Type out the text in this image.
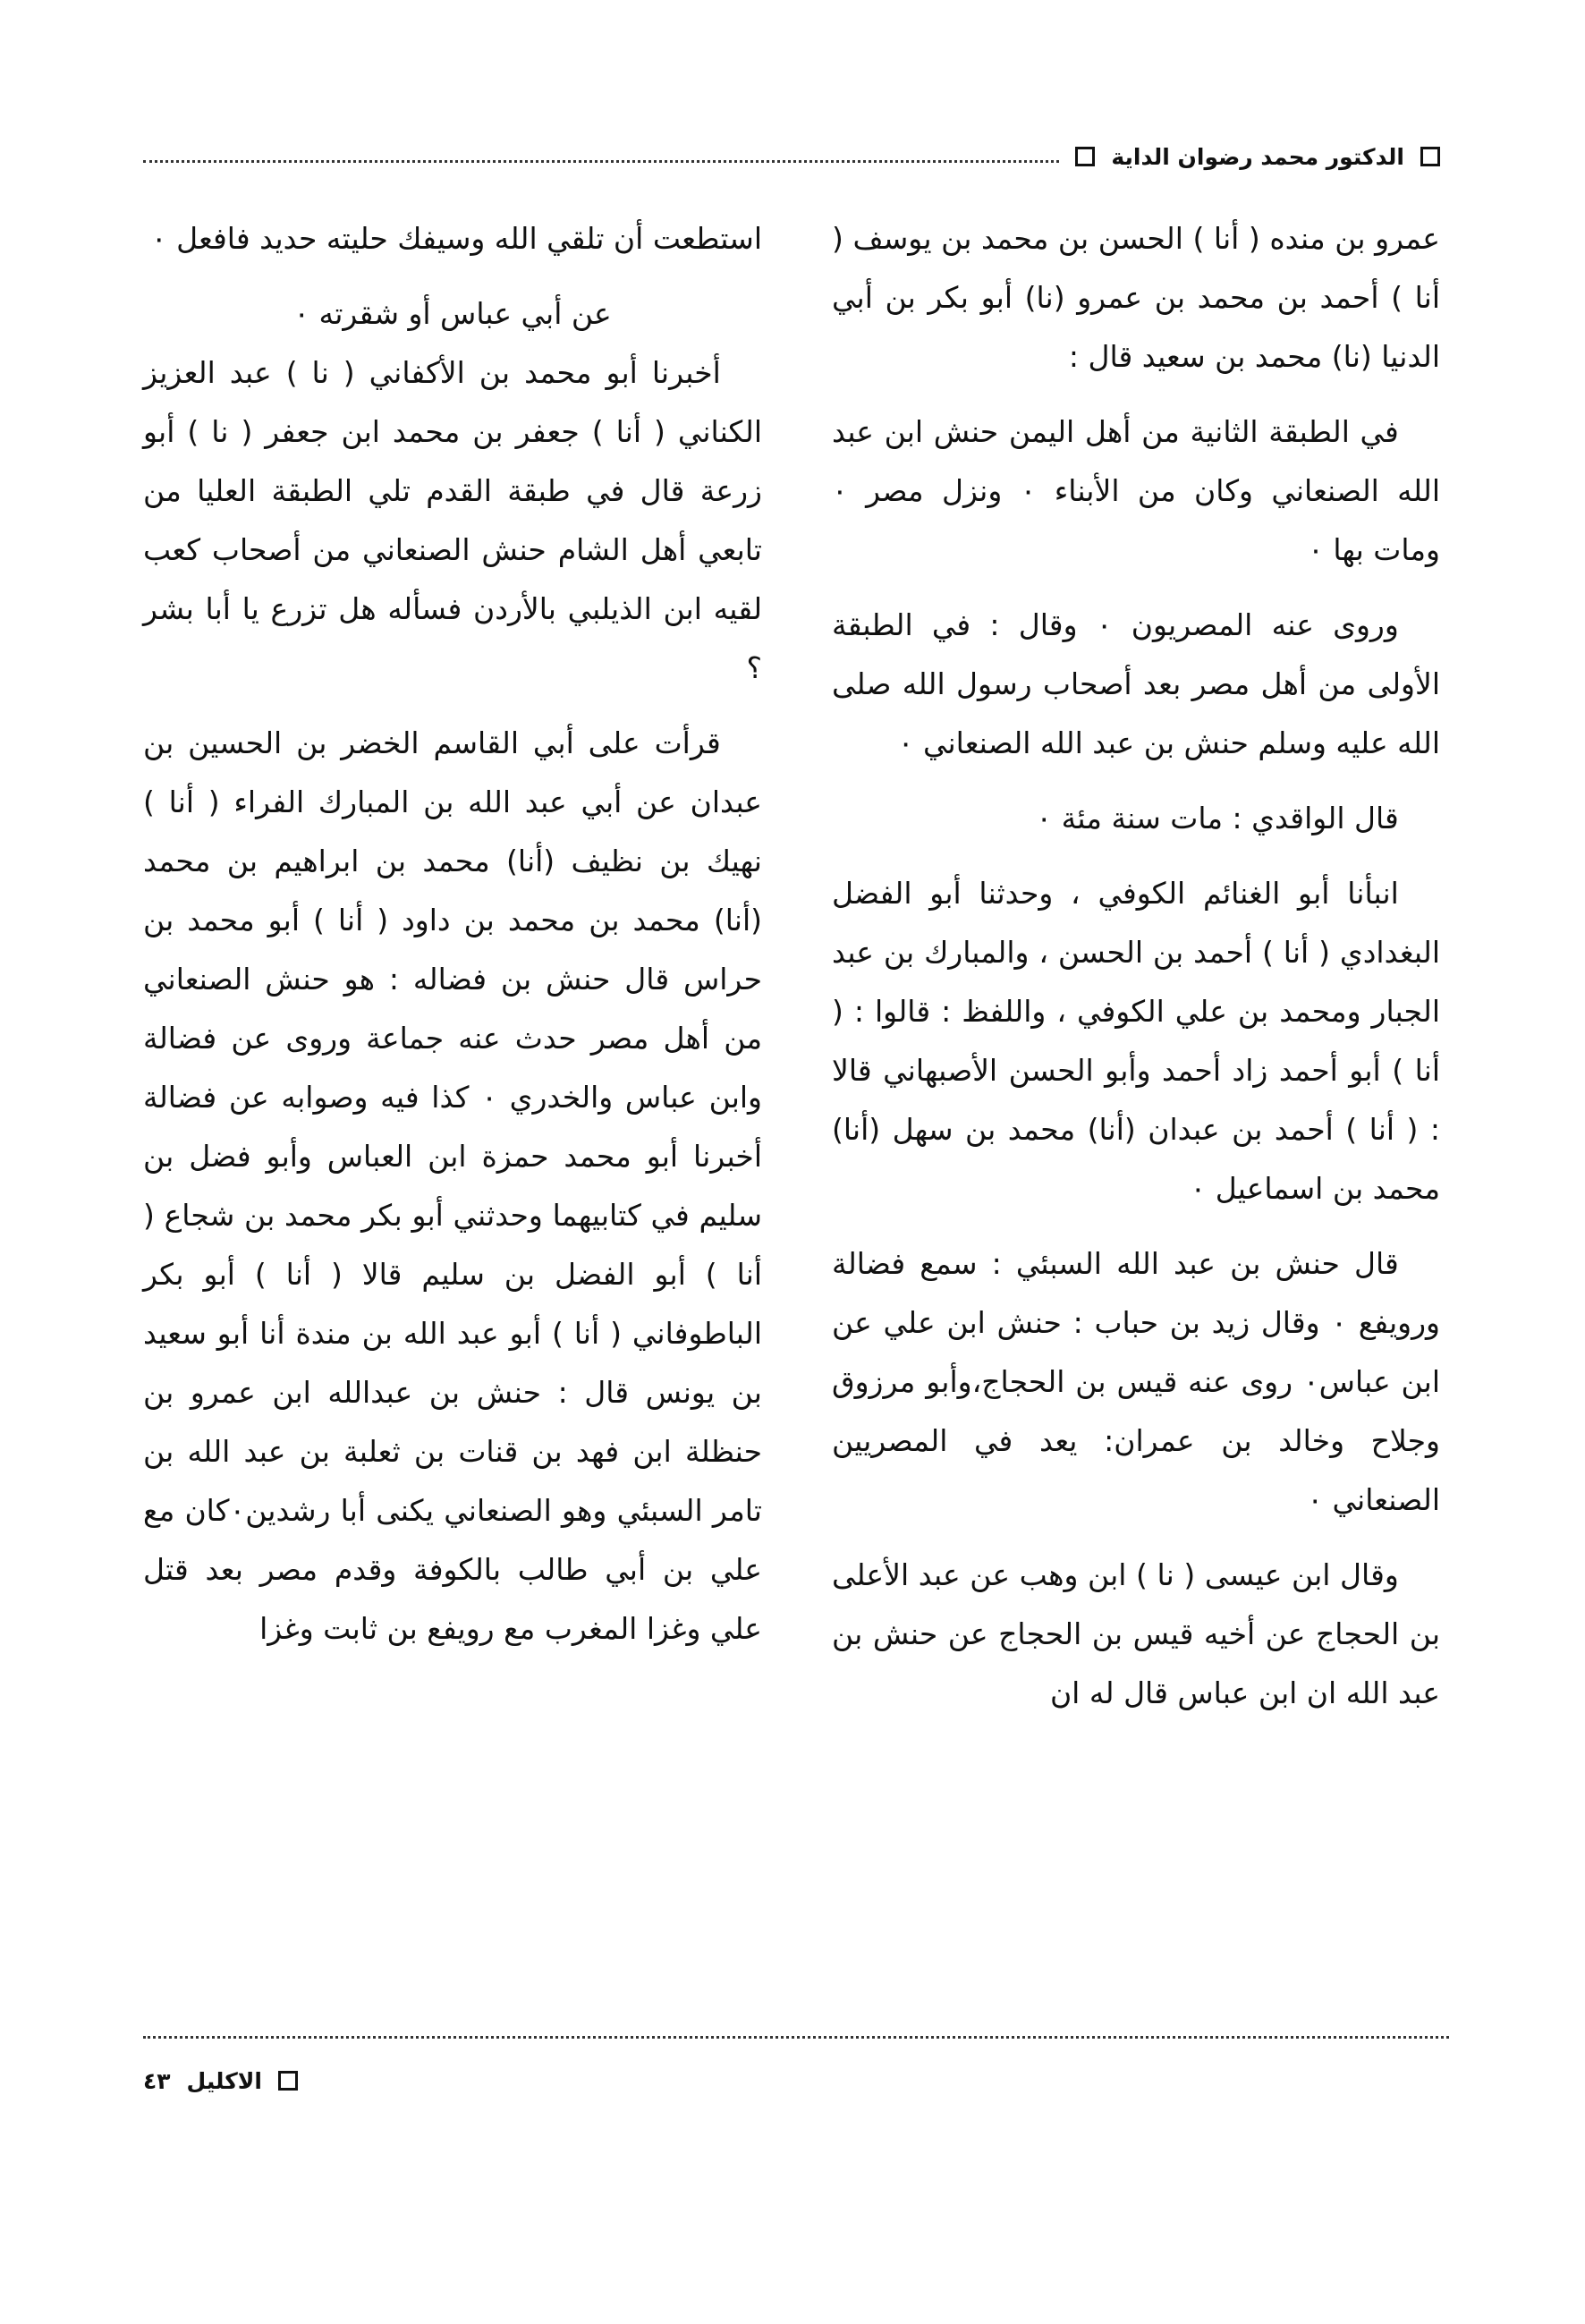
الدكتور محمد رضوان الداية

عمرو بن منده ( أنا ) الحسن بن محمد بن يوسف ( أنا ) أحمد بن محمد بن عمرو (نا) أبو بكر بن أبي الدنيا (نا) محمد بن سعيد قال :

في الطبقة الثانية من أهل اليمن حنش ابن عبد الله الصنعاني وكان من الأبناء ٠ ونزل مصر ٠ ومات بها ٠

وروى عنه المصريون ٠ وقال : في الطبقة الأولى من أهل مصر بعد أصحاب رسول الله صلى الله عليه وسلم حنش بن عبد الله الصنعاني ٠

قال الواقدي : مات سنة مئة ٠

انبأنا أبو الغنائم الكوفي ، وحدثنا أبو الفضل البغدادي ( أنا ) أحمد بن الحسن ، والمبارك بن عبد الجبار ومحمد بن علي الكوفي ، واللفظ : قالوا : ( أنا ) أبو أحمد زاد أحمد وأبو الحسن الأصبهاني قالا : ( أنا ) أحمد بن عبدان (أنا) محمد بن سهل (أنا) محمد بن اسماعيل ٠

قال حنش بن عبد الله السبئي : سمع فضالة ورويفع ٠ وقال زيد بن حباب : حنش ابن علي عن ابن عباس٠ روى عنه قيس بن الحجاج،وأبو مرزوق وجلاح وخالد بن عمران: يعد في المصريين الصنعاني ٠

وقال ابن عيسى ( نا ) ابن وهب عن عبد الأعلى بن الحجاج عن أخيه قيس بن الحجاج عن حنش بن عبد الله ان ابن عباس قال له ان

استطعت أن تلقي الله وسيفك حليته حديد فافعل ٠

عن أبي عباس أو شقرته ٠

أخبرنا أبو محمد بن الأكفاني ( نا ) عبد العزيز الكناني ( أنا ) جعفر بن محمد ابن جعفر ( نا ) أبو زرعة قال في طبقة القدم تلي الطبقة العليا من تابعي أهل الشام حنش الصنعاني من أصحاب كعب لقيه ابن الذيلبي بالأردن فسأله هل تزرع يا أبا بشر ؟

قرأت على أبي القاسم الخضر بن الحسين بن عبدان عن أبي عبد الله بن المبارك الفراء ( أنا ) نهيك بن نظيف (أنا) محمد بن ابراهيم بن محمد (أنا) محمد بن محمد بن داود ( أنا ) أبو محمد بن حراس قال حنش بن فضاله : هو حنش الصنعاني من أهل مصر حدث عنه جماعة وروى عن فضالة وابن عباس والخدري ٠ كذا فيه وصوابه عن فضالة أخبرنا أبو محمد حمزة ابن العباس وأبو فضل بن سليم في كتابيهما وحدثني أبو بكر محمد بن شجاع ( أنا ) أبو الفضل بن سليم قالا ( أنا ) أبو بكر الباطوفاني ( أنا ) أبو عبد الله بن مندة أنا أبو سعيد بن يونس قال : حنش بن عبدالله ابن عمرو بن حنظلة ابن فهد بن قنات بن ثعلبة بن عبد الله بن تامر السبئي وهو الصنعاني يكنى أبا رشدين٠كان مع علي بن أبي طالب بالكوفة وقدم مصر بعد قتل علي وغزا المغرب مع رويفع بن ثابت وغزا

٤٣ الاكليل
